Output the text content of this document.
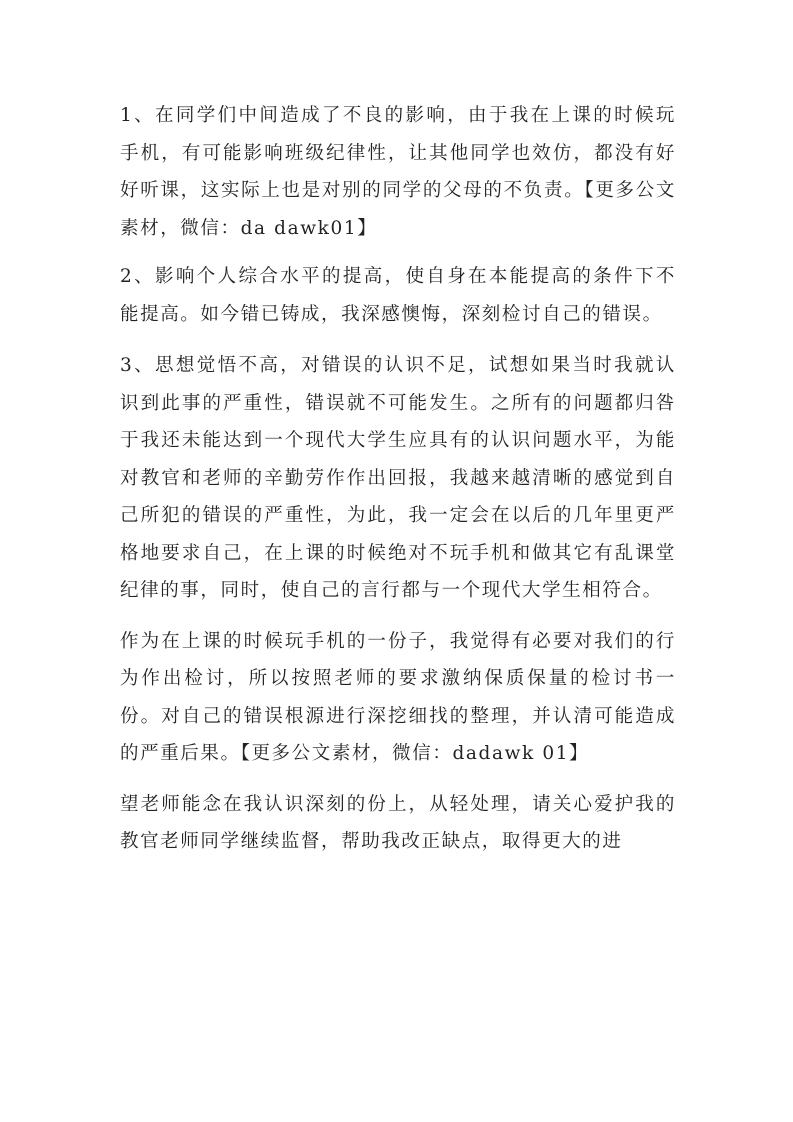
1、在同学们中间造成了不良的影响，由于我在上课的时候玩手机，有可能影响班级纪律性，让其他同学也效仿，都没有好好听课，这实际上也是对别的同学的父母的不负责。【更多公文素材，微信：da dawk01】

2、影响个人综合水平的提高，使自身在本能提高的条件下不能提高。如今错已铸成，我深感懊悔，深刻检讨自己的错误。

3、思想觉悟不高，对错误的认识不足，试想如果当时我就认识到此事的严重性，错误就不可能发生。之所有的问题都归咎于我还未能达到一个现代大学生应具有的认识问题水平，为能对教官和老师的辛勤劳作作出回报，我越来越清晰的感觉到自己所犯的错误的严重性，为此，我一定会在以后的几年里更严格地要求自己，在上课的时候绝对不玩手机和做其它有乱课堂纪律的事，同时，使自己的言行都与一个现代大学生相符合。

作为在上课的时候玩手机的一份子，我觉得有必要对我们的行为作出检讨，所以按照老师的要求激纳保质保量的检讨书一份。对自己的错误根源进行深挖细找的整理，并认清可能造成的严重后果。【更多公文素材，微信：dadawk 01】

望老师能念在我认识深刻的份上，从轻处理，请关心爱护我的教官老师同学继续监督，帮助我改正缺点，取得更大的进
